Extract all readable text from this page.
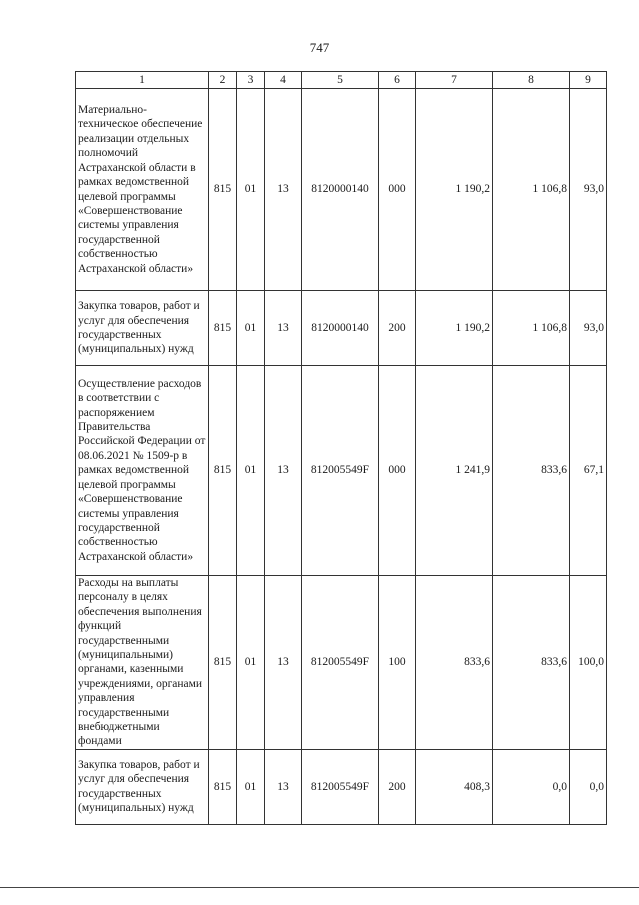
747
1	2	3	4	5	6	7	8	9
Материально-техническое обеспечение реализации отдельных полномочий Астраханской области в рамках ведомственной целевой программы «Совершенствование системы управления государственной собственностью Астраханской области»	815	01	13	8120000140	000	1 190,2	1 106,8	93,0
Закупка товаров, работ и услуг для обеспечения государственных (муниципальных) нужд	815	01	13	8120000140	200	1 190,2	1 106,8	93,0
Осуществление расходов в соответствии с распоряжением Правительства Российской Федерации от 08.06.2021 № 1509-р в рамках ведомственной целевой программы «Совершенствование системы управления государственной собственностью Астраханской области»	815	01	13	812005549F	000	1 241,9	833,6	67,1
Расходы на выплаты персоналу в целях обеспечения выполнения функций государственными (муниципальными) органами, казенными учреждениями, органами управления государственными внебюджетными фондами	815	01	13	812005549F	100	833,6	833,6	100,0
Закупка товаров, работ и услуг для обеспечения государственных (муниципальных) нужд	815	01	13	812005549F	200	408,3	0,0	0,0
